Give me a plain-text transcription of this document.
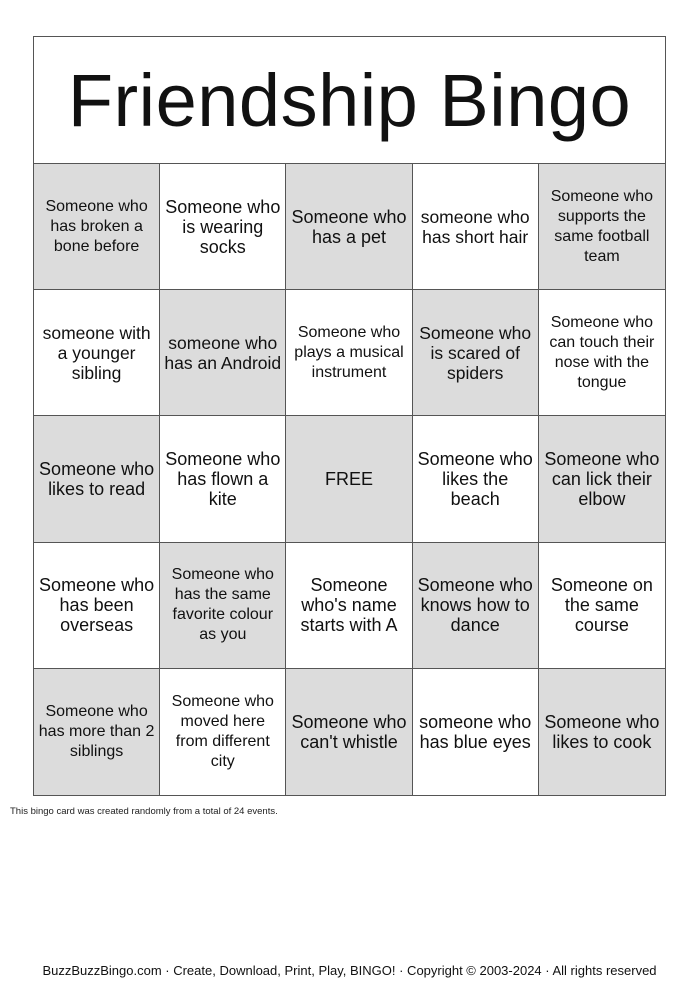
Friendship Bingo
Someone who has broken a bone before
Someone who is wearing socks
Someone who has a pet
someone who has short hair
Someone who supports the same football team
someone with a younger sibling
someone who has an Android
Someone who plays a musical instrument
Someone who is scared of spiders
Someone who can touch their nose with the tongue
Someone who likes to read
Someone who has flown a kite
FREE
Someone who likes the beach
Someone who can lick their elbow
Someone who has been overseas
Someone who has the same favorite colour as you
Someone who's name starts with A
Someone who knows how to dance
Someone on the same course
Someone who has more than 2 siblings
Someone who moved here from different city
Someone who can't whistle
someone who has blue eyes
Someone who likes to cook
This bingo card was created randomly from a total of 24 events.
BuzzBuzzBingo.com · Create, Download, Print, Play, BINGO! · Copyright © 2003-2024 · All rights reserved
